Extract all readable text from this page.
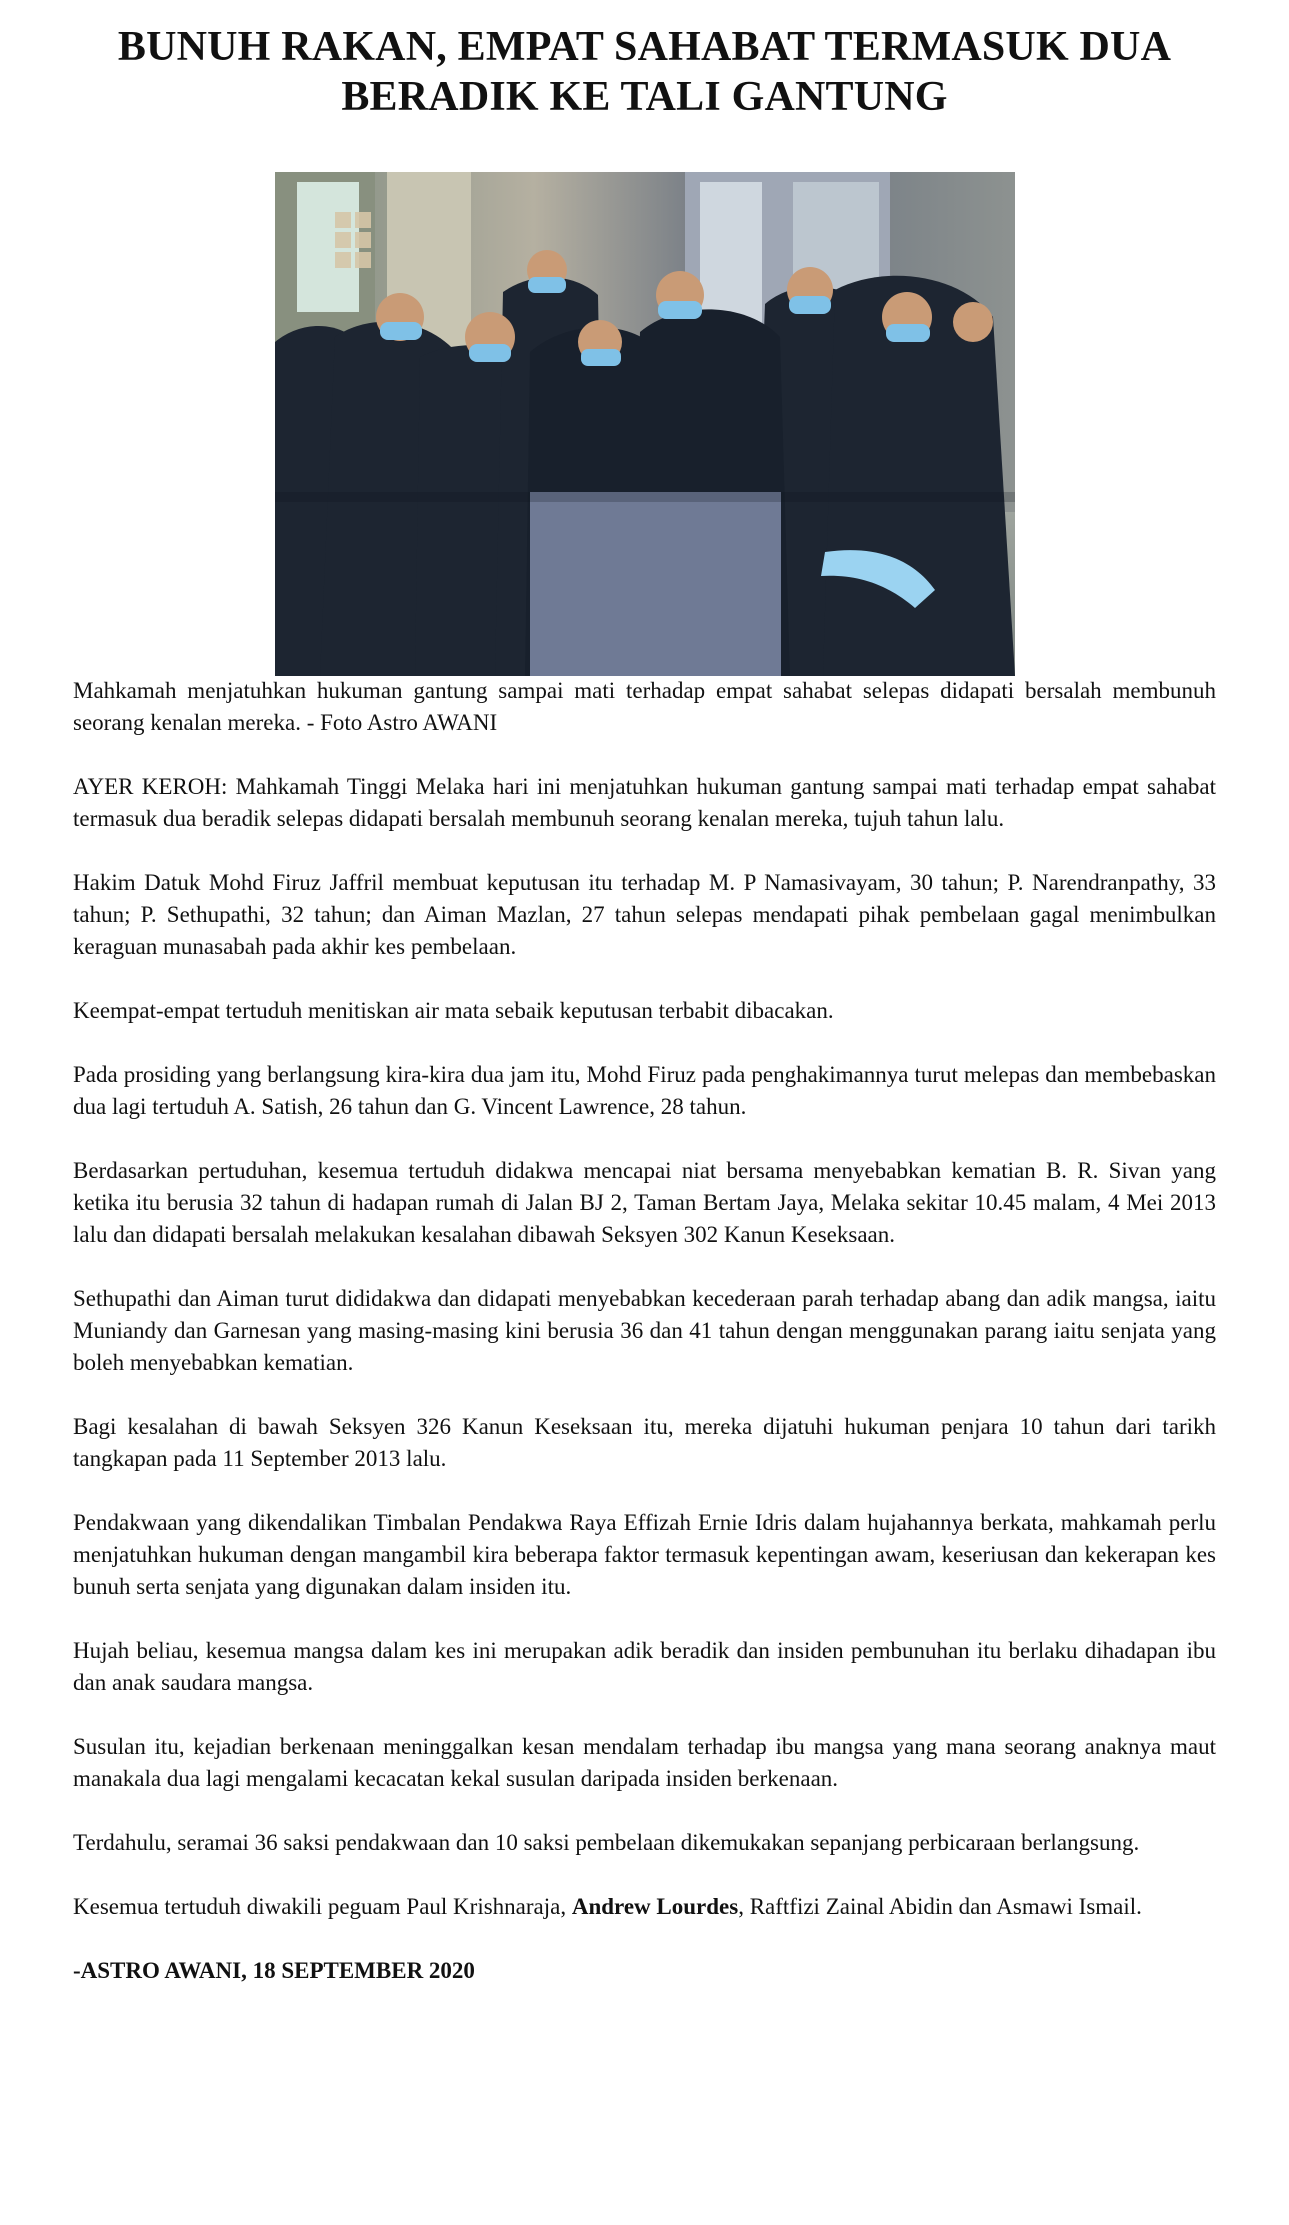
BUNUH RAKAN, EMPAT SAHABAT TERMASUK DUA
BERADIK KE TALI GANTUNG

Mahkamah menjatuhkan hukuman gantung sampai mati terhadap empat sahabat selepas didapati bersalah membunuh seorang kenalan mereka. - Foto Astro AWANI

AYER KEROH: Mahkamah Tinggi Melaka hari ini menjatuhkan hukuman gantung sampai mati terhadap empat sahabat termasuk dua beradik selepas didapati bersalah membunuh seorang kenalan mereka, tujuh tahun lalu.

Hakim Datuk Mohd Firuz Jaffril membuat keputusan itu terhadap M. P Namasivayam, 30 tahun; P. Narendranpathy, 33 tahun; P. Sethupathi, 32 tahun; dan Aiman Mazlan, 27 tahun selepas mendapati pihak pembelaan gagal menimbulkan keraguan munasabah pada akhir kes pembelaan.

Keempat-empat tertuduh menitiskan air mata sebaik keputusan terbabit dibacakan.

Pada prosiding yang berlangsung kira-kira dua jam itu, Mohd Firuz pada penghakimannya turut melepas dan membebaskan dua lagi tertuduh A. Satish, 26 tahun dan G. Vincent Lawrence, 28 tahun.

Berdasarkan pertuduhan, kesemua tertuduh didakwa mencapai niat bersama menyebabkan kematian B. R. Sivan yang ketika itu berusia 32 tahun di hadapan rumah di Jalan BJ 2, Taman Bertam Jaya, Melaka sekitar 10.45 malam, 4 Mei 2013 lalu dan didapati bersalah melakukan kesalahan dibawah Seksyen 302 Kanun Keseksaan.

Sethupathi dan Aiman turut dididakwa dan didapati menyebabkan kecederaan parah terhadap abang dan adik mangsa, iaitu Muniandy dan Garnesan yang masing-masing kini berusia 36 dan 41 tahun dengan menggunakan parang iaitu senjata yang boleh menyebabkan kematian.

Bagi kesalahan di bawah Seksyen 326 Kanun Keseksaan itu, mereka dijatuhi hukuman penjara 10 tahun dari tarikh tangkapan pada 11 September 2013 lalu.

Pendakwaan yang dikendalikan Timbalan Pendakwa Raya Effizah Ernie Idris dalam hujahannya berkata, mahkamah perlu menjatuhkan hukuman dengan mangambil kira beberapa faktor termasuk kepentingan awam, keseriusan dan kekerapan kes bunuh serta senjata yang digunakan dalam insiden itu.

Hujah beliau, kesemua mangsa dalam kes ini merupakan adik beradik dan insiden pembunuhan itu berlaku dihadapan ibu dan anak saudara mangsa.

Susulan itu, kejadian berkenaan meninggalkan kesan mendalam terhadap ibu mangsa yang mana seorang anaknya maut manakala dua lagi mengalami kecacatan kekal susulan daripada insiden berkenaan.

Terdahulu, seramai 36 saksi pendakwaan dan 10 saksi pembelaan dikemukakan sepanjang perbicaraan berlangsung.

Kesemua tertuduh diwakili peguam Paul Krishnaraja, Andrew Lourdes, Raftfizi Zainal Abidin dan Asmawi Ismail.

-ASTRO AWANI, 18 SEPTEMBER 2020
